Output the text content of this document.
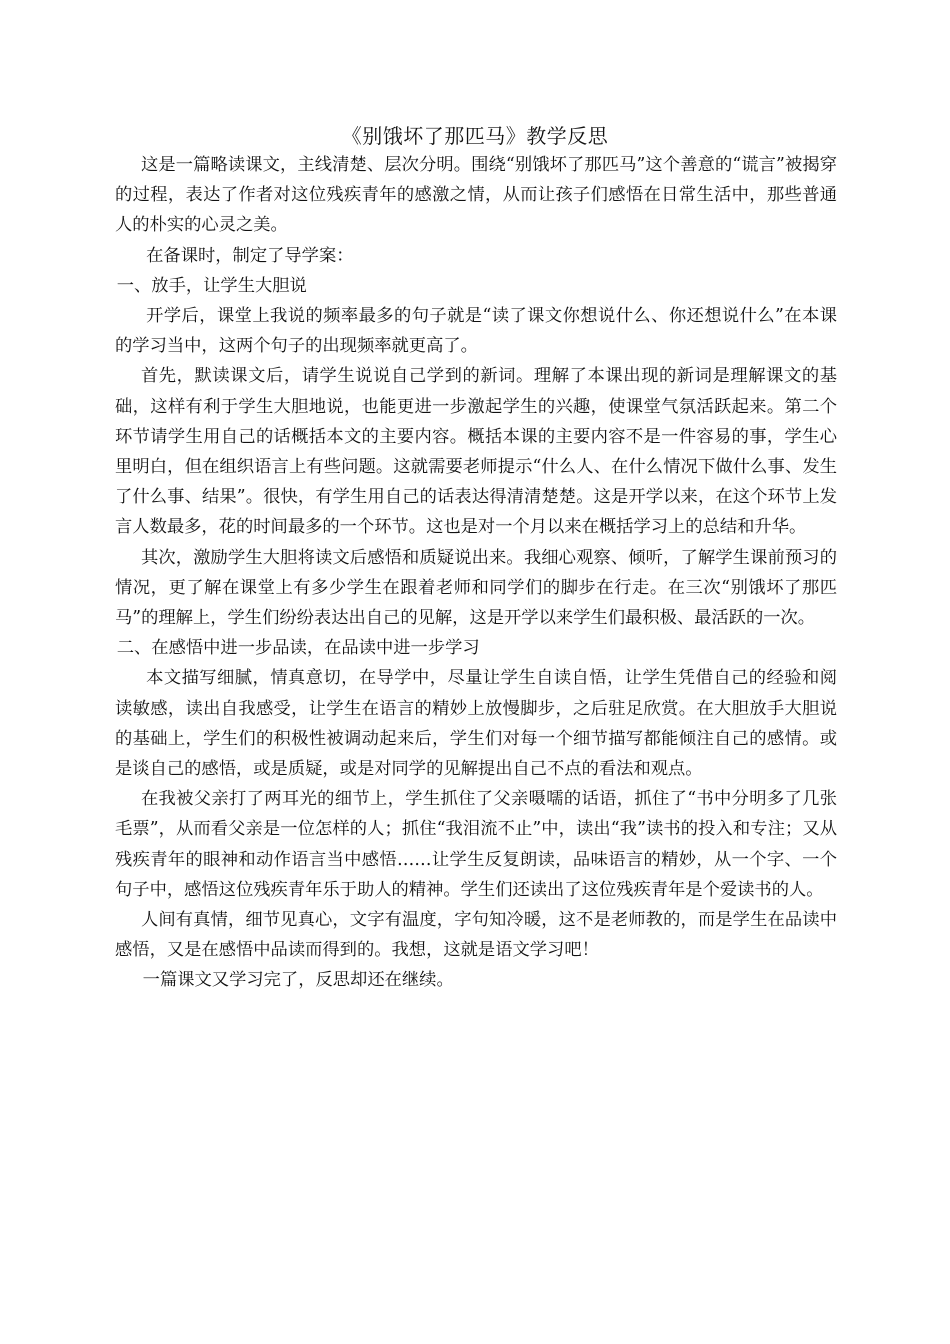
《别饿坏了那匹马》教学反思

这是一篇略读课文，主线清楚、层次分明。围绕“别饿坏了那匹马”这个善意的“谎言”被揭穿的过程，表达了作者对这位残疾青年的感激之情，从而让孩子们感悟在日常生活中，那些普通人的朴实的心灵之美。

在备课时，制定了导学案：

一、放手，让学生大胆说

开学后，课堂上我说的频率最多的句子就是“读了课文你想说什么、你还想说什么”在本课的学习当中，这两个句子的出现频率就更高了。

首先，默读课文后，请学生说说自己学到的新词。理解了本课出现的新词是理解课文的基础，这样有利于学生大胆地说，也能更进一步激起学生的兴趣，使课堂气氛活跃起来。第二个环节请学生用自己的话概括本文的主要内容。概括本课的主要内容不是一件容易的事，学生心里明白，但在组织语言上有些问题。这就需要老师提示“什么人、在什么情况下做什么事、发生了什么事、结果”。很快，有学生用自己的话表达得清清楚楚。这是开学以来，在这个环节上发言人数最多，花的时间最多的一个环节。这也是对一个月以来在概括学习上的总结和升华。

其次，激励学生大胆将读文后感悟和质疑说出来。我细心观察、倾听，了解学生课前预习的情况，更了解在课堂上有多少学生在跟着老师和同学们的脚步在行走。在三次“别饿坏了那匹马”的理解上，学生们纷纷表达出自己的见解，这是开学以来学生们最积极、最活跃的一次。

二、在感悟中进一步品读，在品读中进一步学习

本文描写细腻，情真意切，在导学中，尽量让学生自读自悟，让学生凭借自己的经验和阅读敏感，读出自我感受，让学生在语言的精妙上放慢脚步，之后驻足欣赏。在大胆放手大胆说的基础上，学生们的积极性被调动起来后，学生们对每一个细节描写都能倾注自己的感情。或是谈自己的感悟，或是质疑，或是对同学的见解提出自己不点的看法和观点。

在我被父亲打了两耳光的细节上，学生抓住了父亲嗫嚅的话语，抓住了“书中分明多了几张毛票”，从而看父亲是一位怎样的人；抓住“我泪流不止”中，读出“我”读书的投入和专注；又从残疾青年的眼神和动作语言当中感悟……让学生反复朗读，品味语言的精妙，从一个字、一个句子中，感悟这位残疾青年乐于助人的精神。学生们还读出了这位残疾青年是个爱读书的人。

人间有真情，细节见真心，文字有温度，字句知冷暖，这不是老师教的，而是学生在品读中感悟，又是在感悟中品读而得到的。我想，这就是语文学习吧！

一篇课文又学习完了，反思却还在继续。
